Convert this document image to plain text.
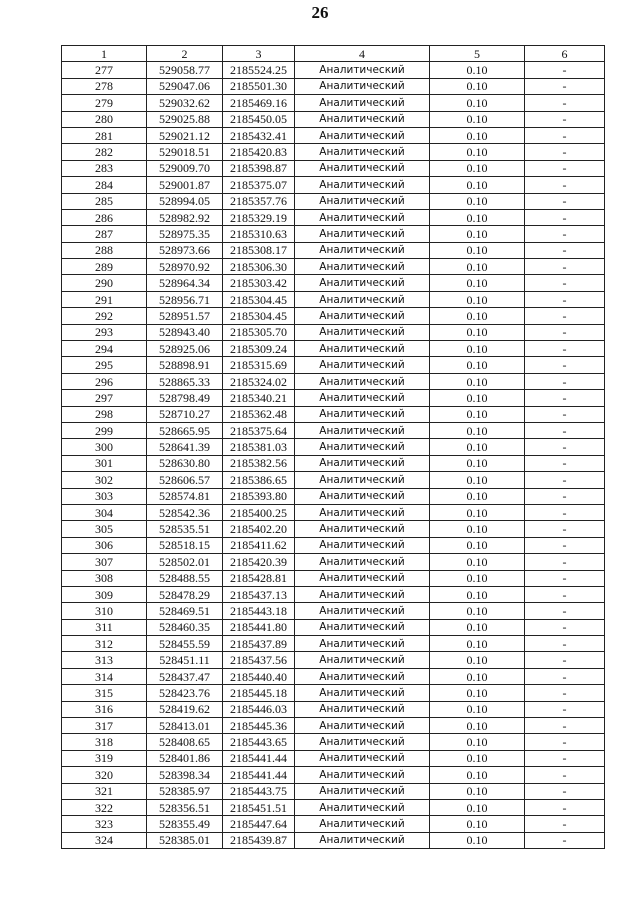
26
1	2	3	4	5	6
277	529058.77	2185524.25	Аналитический	0.10	-
278	529047.06	2185501.30	Аналитический	0.10	-
279	529032.62	2185469.16	Аналитический	0.10	-
280	529025.88	2185450.05	Аналитический	0.10	-
281	529021.12	2185432.41	Аналитический	0.10	-
282	529018.51	2185420.83	Аналитический	0.10	-
283	529009.70	2185398.87	Аналитический	0.10	-
284	529001.87	2185375.07	Аналитический	0.10	-
285	528994.05	2185357.76	Аналитический	0.10	-
286	528982.92	2185329.19	Аналитический	0.10	-
287	528975.35	2185310.63	Аналитический	0.10	-
288	528973.66	2185308.17	Аналитический	0.10	-
289	528970.92	2185306.30	Аналитический	0.10	-
290	528964.34	2185303.42	Аналитический	0.10	-
291	528956.71	2185304.45	Аналитический	0.10	-
292	528951.57	2185304.45	Аналитический	0.10	-
293	528943.40	2185305.70	Аналитический	0.10	-
294	528925.06	2185309.24	Аналитический	0.10	-
295	528898.91	2185315.69	Аналитический	0.10	-
296	528865.33	2185324.02	Аналитический	0.10	-
297	528798.49	2185340.21	Аналитический	0.10	-
298	528710.27	2185362.48	Аналитический	0.10	-
299	528665.95	2185375.64	Аналитический	0.10	-
300	528641.39	2185381.03	Аналитический	0.10	-
301	528630.80	2185382.56	Аналитический	0.10	-
302	528606.57	2185386.65	Аналитический	0.10	-
303	528574.81	2185393.80	Аналитический	0.10	-
304	528542.36	2185400.25	Аналитический	0.10	-
305	528535.51	2185402.20	Аналитический	0.10	-
306	528518.15	2185411.62	Аналитический	0.10	-
307	528502.01	2185420.39	Аналитический	0.10	-
308	528488.55	2185428.81	Аналитический	0.10	-
309	528478.29	2185437.13	Аналитический	0.10	-
310	528469.51	2185443.18	Аналитический	0.10	-
311	528460.35	2185441.80	Аналитический	0.10	-
312	528455.59	2185437.89	Аналитический	0.10	-
313	528451.11	2185437.56	Аналитический	0.10	-
314	528437.47	2185440.40	Аналитический	0.10	-
315	528423.76	2185445.18	Аналитический	0.10	-
316	528419.62	2185446.03	Аналитический	0.10	-
317	528413.01	2185445.36	Аналитический	0.10	-
318	528408.65	2185443.65	Аналитический	0.10	-
319	528401.86	2185441.44	Аналитический	0.10	-
320	528398.34	2185441.44	Аналитический	0.10	-
321	528385.97	2185443.75	Аналитический	0.10	-
322	528356.51	2185451.51	Аналитический	0.10	-
323	528355.49	2185447.64	Аналитический	0.10	-
324	528385.01	2185439.87	Аналитический	0.10	-
